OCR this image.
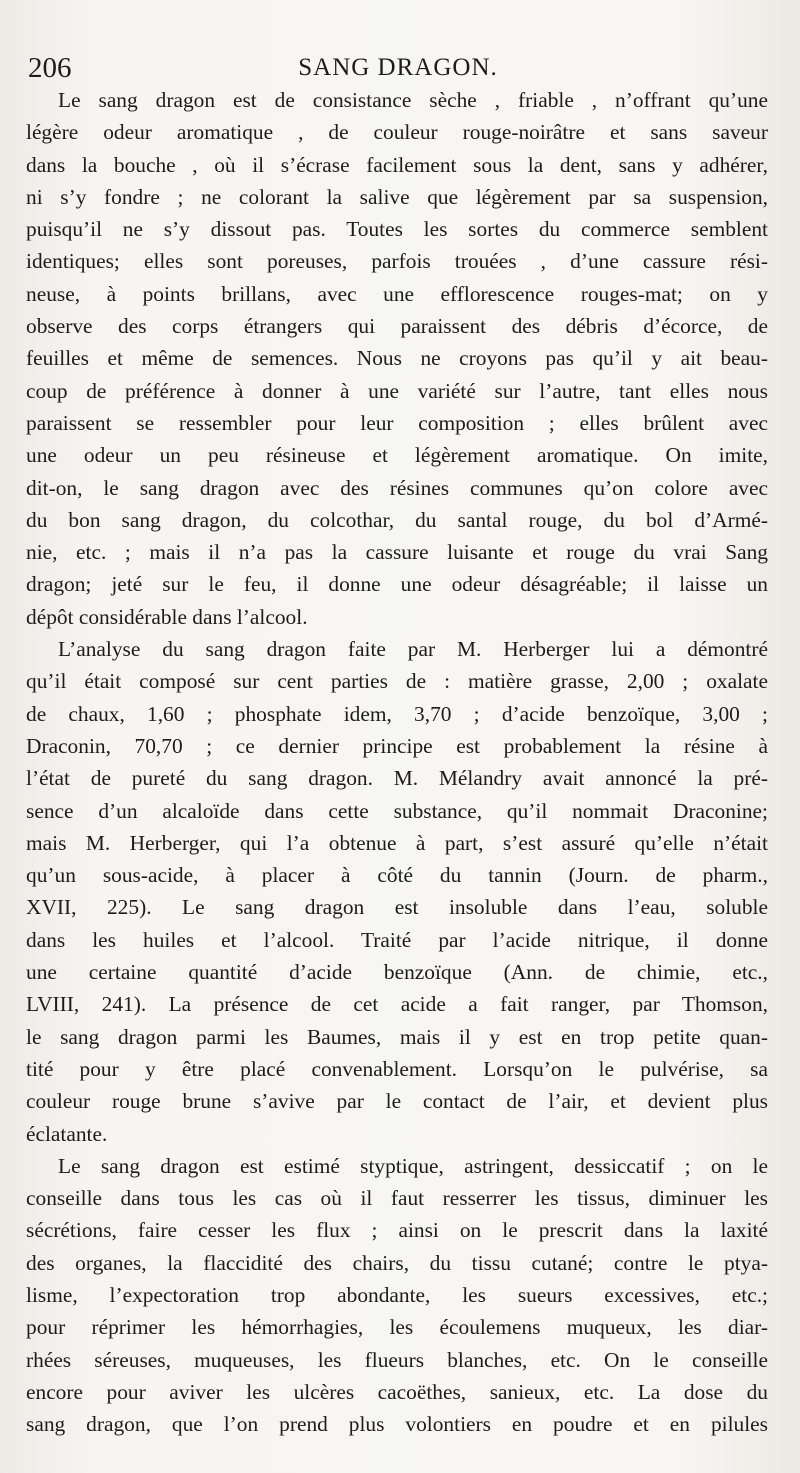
206	SANG DRAGON.
Le sang dragon est de consistance sèche , friable , n’offrant qu’une
légère odeur aromatique , de couleur rouge-noirâtre et sans saveur
dans la bouche , où il s’écrase facilement sous la dent, sans y adhérer,
ni s’y fondre ; ne colorant la salive que légèrement par sa suspension,
puisqu’il ne s’y dissout pas. Toutes les sortes du commerce semblent
identiques; elles sont poreuses, parfois trouées , d’une cassure rési-
neuse, à points brillans, avec une efflorescence rouges-mat; on y
observe des corps étrangers qui paraissent des débris d’écorce, de
feuilles et même de semences. Nous ne croyons pas qu’il y ait beau-
coup de préférence à donner à une variété sur l’autre, tant elles nous
paraissent se ressembler pour leur composition ; elles brûlent avec
une odeur un peu résineuse et légèrement aromatique. On imite,
dit-on, le sang dragon avec des résines communes qu’on colore avec
du bon sang dragon, du colcothar, du santal rouge, du bol d’Armé-
nie, etc. ; mais il n’a pas la cassure luisante et rouge du vrai Sang
dragon; jeté sur le feu, il donne une odeur désagréable; il laisse un
dépôt considérable dans l’alcool.
L’analyse du sang dragon faite par M. Herberger lui a démontré
qu’il était composé sur cent parties de : matière grasse, 2,00 ; oxalate
de chaux, 1,60 ; phosphate idem, 3,70 ; d’acide benzoïque, 3,00 ;
Draconin, 70,70 ; ce dernier principe est probablement la résine à
l’état de pureté du sang dragon. M. Mélandry avait annoncé la pré-
sence d’un alcaloïde dans cette substance, qu’il nommait Draconine;
mais M. Herberger, qui l’a obtenue à part, s’est assuré qu’elle n’était
qu’un sous-acide, à placer à côté du tannin (Journ. de pharm.,
XVII, 225). Le sang dragon est insoluble dans l’eau, soluble
dans les huiles et l’alcool. Traité par l’acide nitrique, il donne
une certaine quantité d’acide benzoïque (Ann. de chimie, etc.,
LVIII, 241). La présence de cet acide a fait ranger, par Thomson,
le sang dragon parmi les Baumes, mais il y est en trop petite quan-
tité pour y être placé convenablement. Lorsqu’on le pulvérise, sa
couleur rouge brune s’avive par le contact de l’air, et devient plus
éclatante.
Le sang dragon est estimé styptique, astringent, dessiccatif ; on le
conseille dans tous les cas où il faut resserrer les tissus, diminuer les
sécrétions, faire cesser les flux ; ainsi on le prescrit dans la laxité
des organes, la flaccidité des chairs, du tissu cutané; contre le ptya-
lisme, l’expectoration trop abondante, les sueurs excessives, etc.;
pour réprimer les hémorrhagies, les écoulemens muqueux, les diar-
rhées séreuses, muqueuses, les flueurs blanches, etc. On le conseille
encore pour aviver les ulcères cacoëthes, sanieux, etc. La dose du
sang dragon, que l’on prend plus volontiers en poudre et en pilules
